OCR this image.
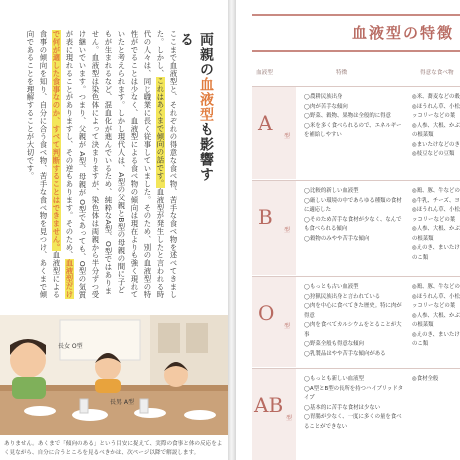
両親の血液型も影響する
ここまで血液型と、それぞれの得意な食べ物、苦手な食べ物を述べてきました。しかし、これはあくまで傾向の話です。血液型が発生したと言われる時代の人々は、同じ職業に長く従事していました。そのため、別の血液型の特性がでることは少なく、血液型による食べ物の傾向は現在よりも強く現れていたと考えられます。しかし現代人は、A型の父親とB型の母親の間に子どもが生まれるなど、混血化が進んでいるため、純粋なA型、O型ではありません。血液型は染色体によって決まりますが、染色体は両親から半分ずつ受け継いでいます。つまり、父親が A型、母親が O型であっても、O型の気質が表に現れることがありますし、その逆もあります。そのため、血液型だけで何が適した食事なのか、すべて判断することはできません。血液型による食事の傾向を知り、自分に合う食べ物、苦手な食べ物を見つけ、あくまで傾向であることを理解することが大切です。
長女 O型
長男 A型
ありません。あくまで「傾向のある」という目安に捉えて、実際の食事と体の反応をよく見ながら、自分に合うところを見るべきかは、次ページ以降で解説します。
血液型の特徴
血液型	特徴	得意な食べ物
A
型
◯農耕民族出身
◯肉が苦手な傾向
◯野菜、穀物、果物は全般的に得意
◯米を多く食べられるので、エネルギーを補給しやすい
◎米、蕎麦などの穀
◎ほうれん草、小松
ッコリーなどの葉
◎人参、大根、かぶ
の根菜類
◎まいたけなどのき
◎枝豆などの豆類
B
型
◯比較的新しい血液型
◯厳しい環境の中であらゆる種類の食材に適応した
◯そのため苦手な食材が少なく、なんでも食べられる傾向
◯穀物のみやや苦手な傾向
◎鶏、豚、牛などの
◎牛乳、チーズ、ヨ
◎ほうれん草、小松
ッコリーなどの葉
◎人参、大根、かぶ
の根菜類
◎えのき、まいたけ
のこ類
O
型
◯もっとも古い血液型
◯狩猟民族出身と言われている
◯肉を中心に食べてきた歴史。特に肉が得意
◯肉を食べてカルシウムをとることが大事
◯野菜全般も得意な傾向
◯乳製品はやや苦手な傾向がある
◎鶏、豚、牛などの
◎ほうれん草、小松
ッコリーなどの葉
◎人参、大根、かぶ
の根菜類
◎えのき、まいたけ
のこ類
AB
型
◯もっとも新しい血液型
◯A型とB型の長所を持つハイブリッドタイプ
◯基本的に苦手な食材は少ない
◯胃腸が少なく、一度に多くの量を食べることができない
◎食材全般
